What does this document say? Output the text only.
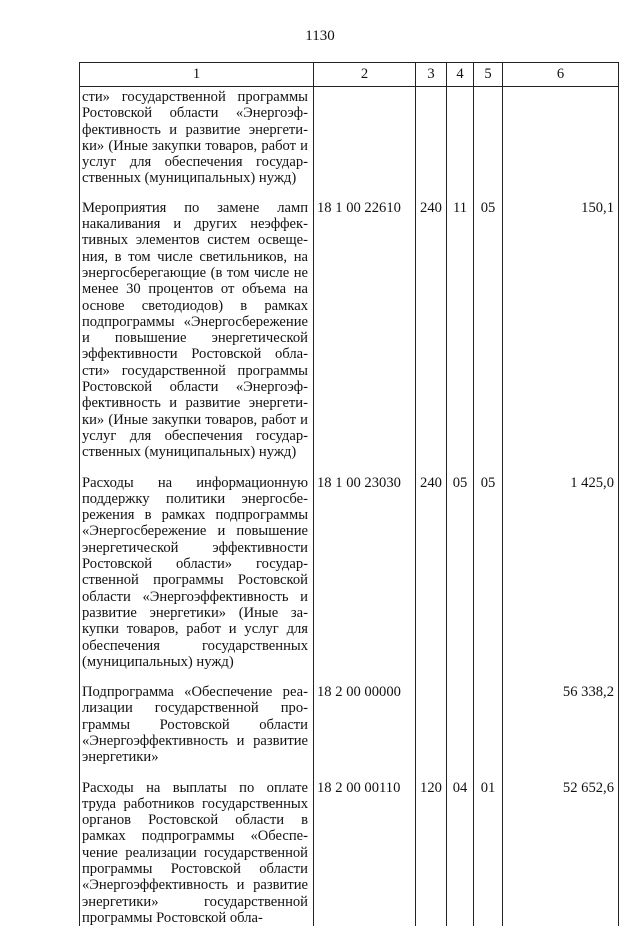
1130
1	2	3	4	5	6
сти» государственной программы Ростовской области «Энергоэффективность и развитие энергетики» (Иные закупки товаров, работ и услуг для обеспечения государственных (муниципальных) нужд)					
Мероприятия по замене ламп накаливания и других неэффективных элементов систем освещения, в том числе светильников, на энергосберегающие (в том числе не менее 30 процентов от объема на основе светодиодов) в рамках подпрограммы «Энергосбережение и повышение энергетической эффективности Ростовской области» государственной программы Ростовской области «Энергоэффективность и развитие энергетики» (Иные закупки товаров, работ и услуг для обеспечения государственных (муниципальных) нужд)	18 1 00 22610	240	11	05	150,1
Расходы на информационную поддержку политики энергосбережения в рамках подпрограммы «Энергосбережение и повышение энергетической эффективности Ростовской области» государственной программы Ростовской области «Энергоэффективность и развитие энергетики» (Иные закупки товаров, работ и услуг для обеспечения государственных (муниципальных) нужд)	18 1 00 23030	240	05	05	1 425,0
Подпрограмма «Обеспечение реализации государственной программы Ростовской области «Энергоэффективность и развитие энергетики»	18 2 00 00000				56 338,2
Расходы на выплаты по оплате труда работников государственных органов Ростовской области в рамках подпрограммы «Обеспечение реализации государственной программы Ростовской области «Энергоэффективность и развитие энергетики» государственной программы Ростовской обла-	18 2 00 00110	120	04	01	52 652,6
